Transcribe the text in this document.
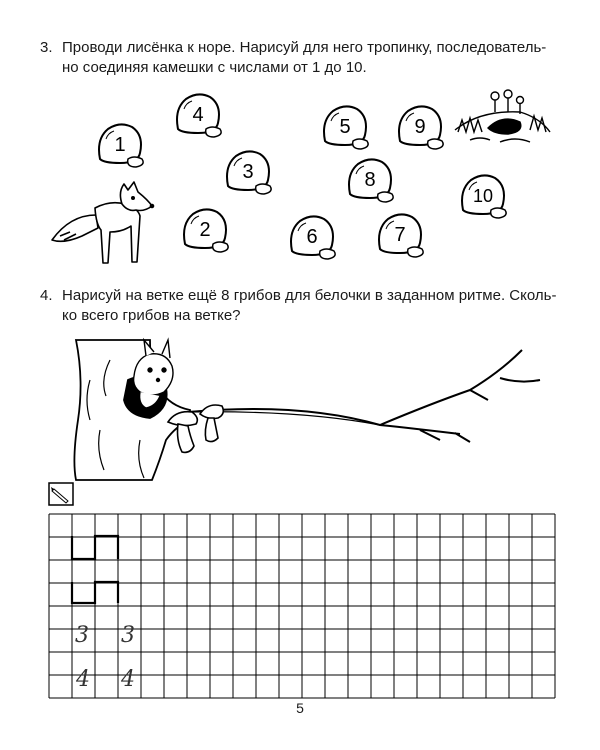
3. Проводи лисёнка к норе. Нарисуй для него тропинку, последователь-
но соединяя камешки с числами от 1 до 10.
1
2
3
4
5
6	7
8
9
10
4. Нарисуй на ветке ещё 8 грибов для белочки в заданном ритме. Сколь-
ко всего грибов на ветке?
3 3
4 4
5
